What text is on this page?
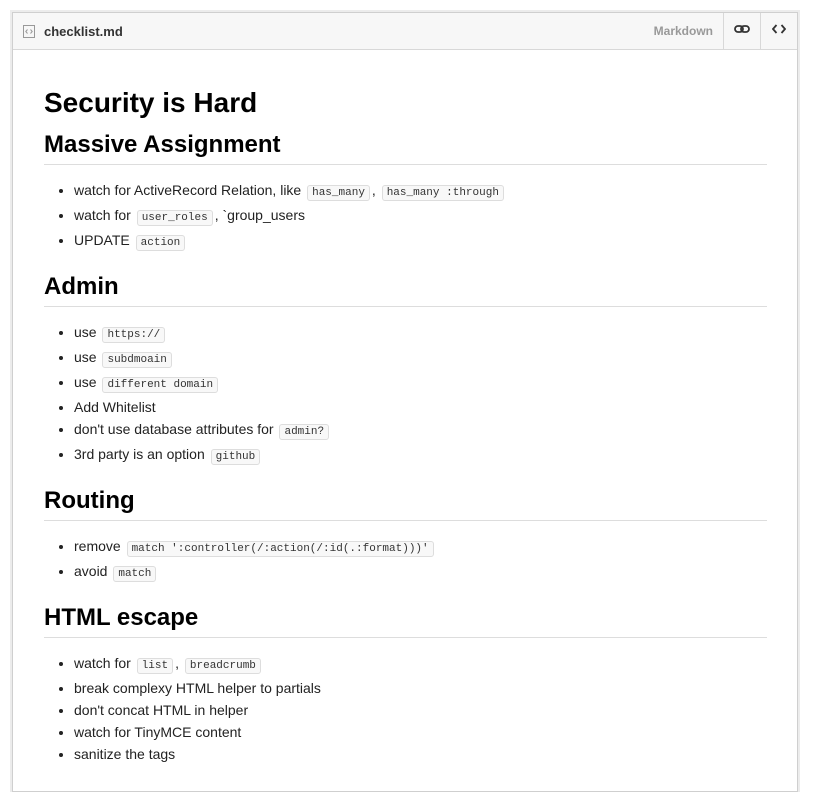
checklist.md	Markdown
Security is Hard
Massive Assignment
• watch for ActiveRecord Relation, like has_many , has_many :through
• watch for user_roles , `group_users
• UPDATE action
Admin
• use https://
• use subdmoain
• use different domain
• Add Whitelist
• don't use database attributes for admin?
• 3rd party is an option github
Routing
• remove match ':controller(/:action(/:id(.:format)))'
• avoid match
HTML escape
• watch for list , breadcrumb
• break complexy HTML helper to partials
• don't concat HTML in helper
• watch for TinyMCE content
• sanitize the tags
